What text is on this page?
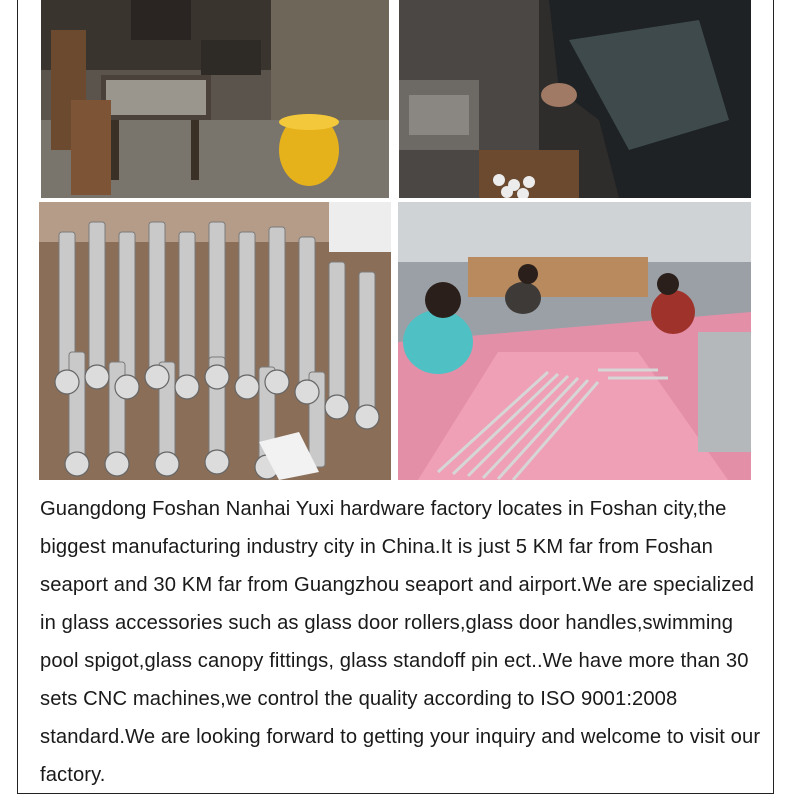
Guangdong Foshan Nanhai Yuxi hardware factory locates in Foshan city,the biggest manufacturing industry city in China.It is just 5 KM far from Foshan seaport and 30 KM far from Guangzhou seaport and airport.We are specialized in glass accessories such as glass door rollers,glass door handles,swimming pool spigot,glass canopy fittings, glass standoff pin ect..We have more than 30 sets CNC machines,we control the quality according to ISO 9001:2008 standard.We are looking forward to getting your inquiry and welcome to visit our factory.
